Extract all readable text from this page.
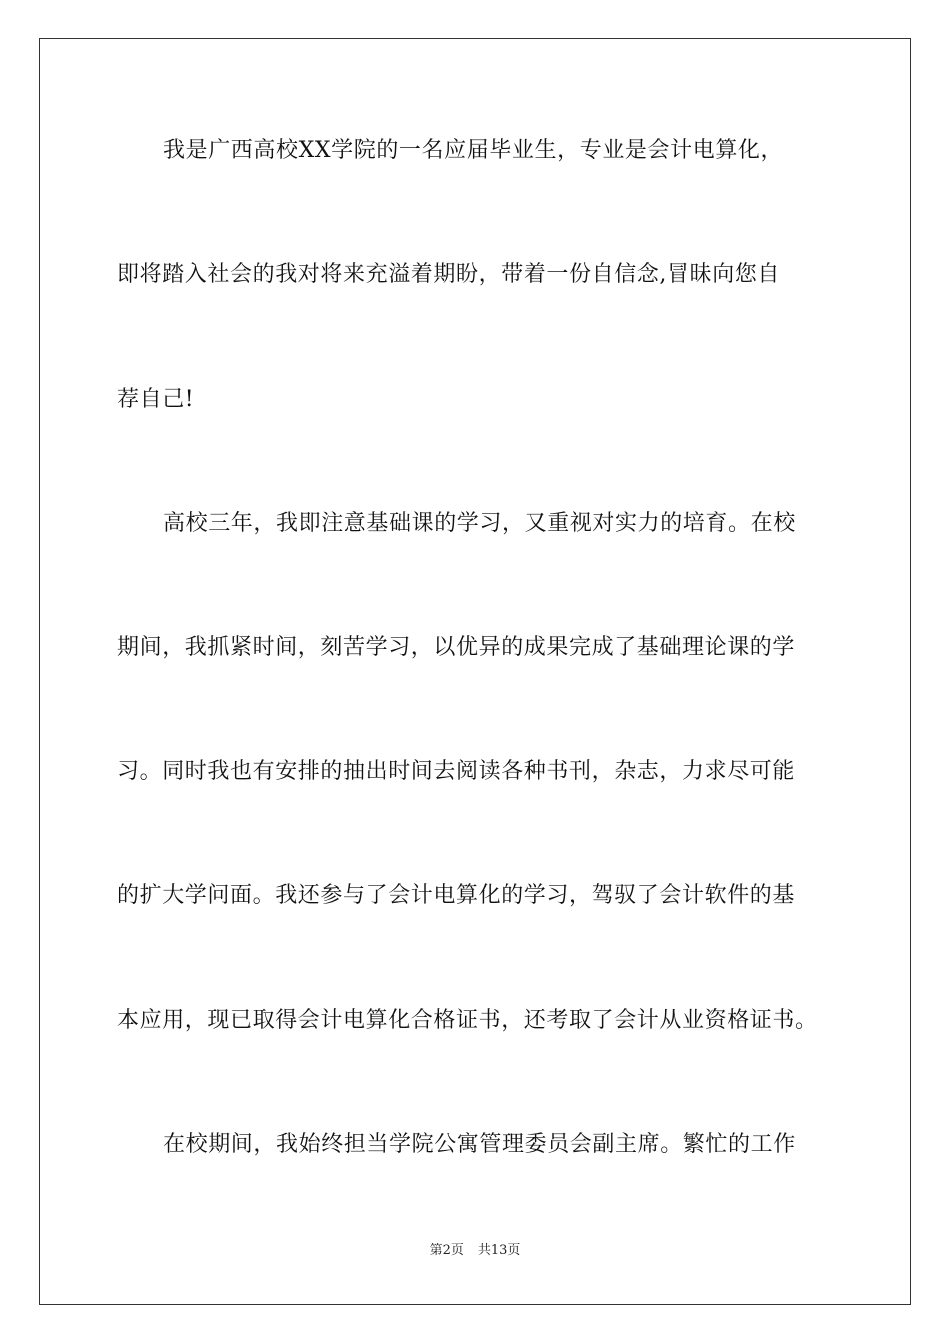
我是广西高校XX学院的一名应届毕业生，专业是会计电算化，
即将踏入社会的我对将来充溢着期盼，带着一份自信念,冒昧向您自
荐自己!
高校三年，我即注意基础课的学习，又重视对实力的培育。在校
期间，我抓紧时间，刻苦学习，以优异的成果完成了基础理论课的学
习。同时我也有安排的抽出时间去阅读各种书刊，杂志，力求尽可能
的扩大学问面。我还参与了会计电算化的学习，驾驭了会计软件的基
本应用，现已取得会计电算化合格证书，还考取了会计从业资格证书。
在校期间，我始终担当学院公寓管理委员会副主席。繁忙的工作
第2页 共13页
